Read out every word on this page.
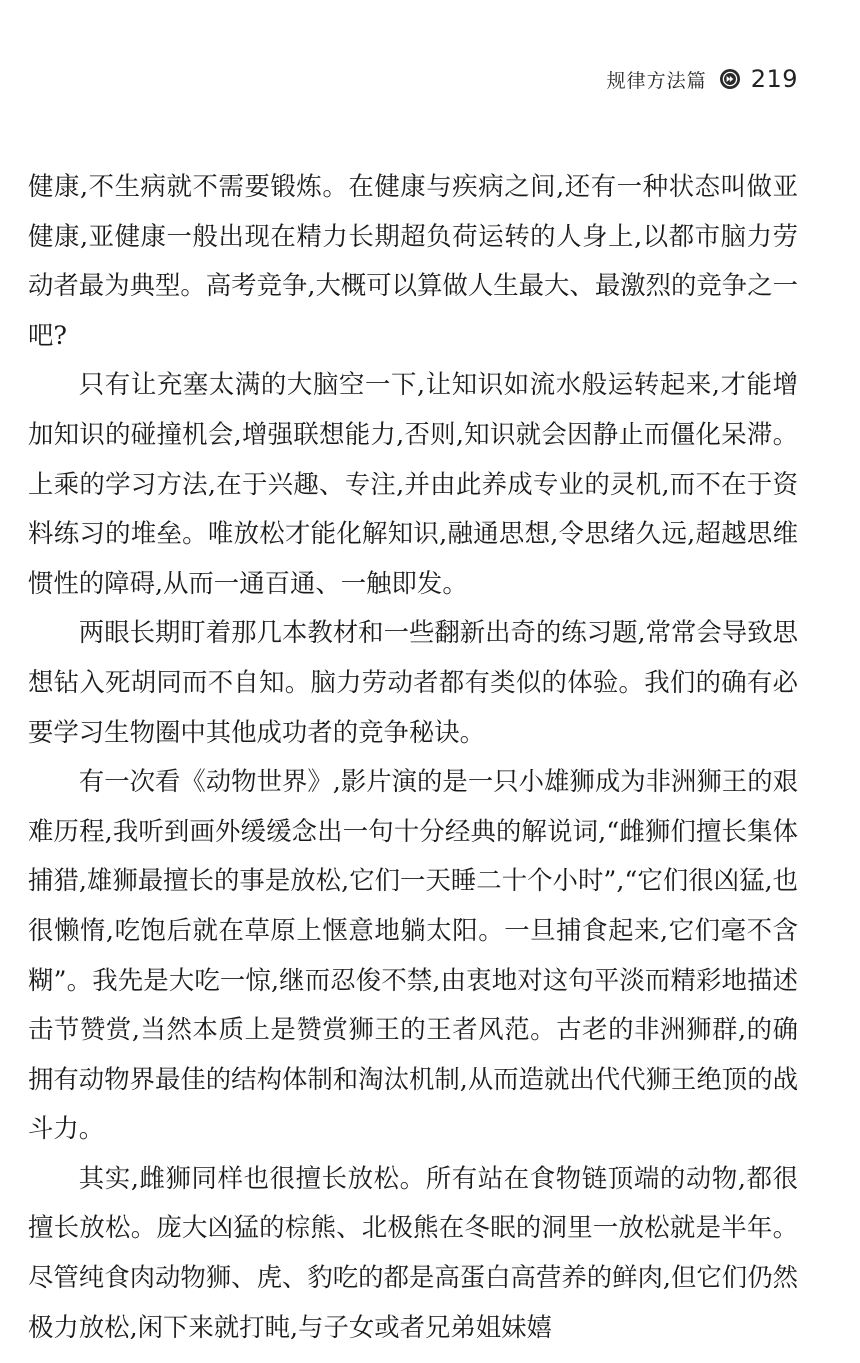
规律方法篇 219

健康,不生病就不需要锻炼。在健康与疾病之间,还有一种状态叫做亚健康,亚健康一般出现在精力长期超负荷运转的人身上,以都市脑力劳动者最为典型。高考竞争,大概可以算做人生最大、最激烈的竞争之一吧?

只有让充塞太满的大脑空一下,让知识如流水般运转起来,才能增加知识的碰撞机会,增强联想能力,否则,知识就会因静止而僵化呆滞。上乘的学习方法,在于兴趣、专注,并由此养成专业的灵机,而不在于资料练习的堆垒。唯放松才能化解知识,融通思想,令思绪久远,超越思维惯性的障碍,从而一通百通、一触即发。

两眼长期盯着那几本教材和一些翻新出奇的练习题,常常会导致思想钻入死胡同而不自知。脑力劳动者都有类似的体验。我们的确有必要学习生物圈中其他成功者的竞争秘诀。

有一次看《动物世界》,影片演的是一只小雄狮成为非洲狮王的艰难历程,我听到画外缓缓念出一句十分经典的解说词,“雌狮们擅长集体捕猎,雄狮最擅长的事是放松,它们一天睡二十个小时”,“它们很凶猛,也很懒惰,吃饱后就在草原上惬意地躺太阳。一旦捕食起来,它们毫不含糊”。我先是大吃一惊,继而忍俊不禁,由衷地对这句平淡而精彩地描述击节赞赏,当然本质上是赞赏狮王的王者风范。古老的非洲狮群,的确拥有动物界最佳的结构体制和淘汰机制,从而造就出代代狮王绝顶的战斗力。

其实,雌狮同样也很擅长放松。所有站在食物链顶端的动物,都很擅长放松。庞大凶猛的棕熊、北极熊在冬眠的洞里一放松就是半年。尽管纯食肉动物狮、虎、豹吃的都是高蛋白高营养的鲜肉,但它们仍然极力放松,闲下来就打盹,与子女或者兄弟姐妹嬉
